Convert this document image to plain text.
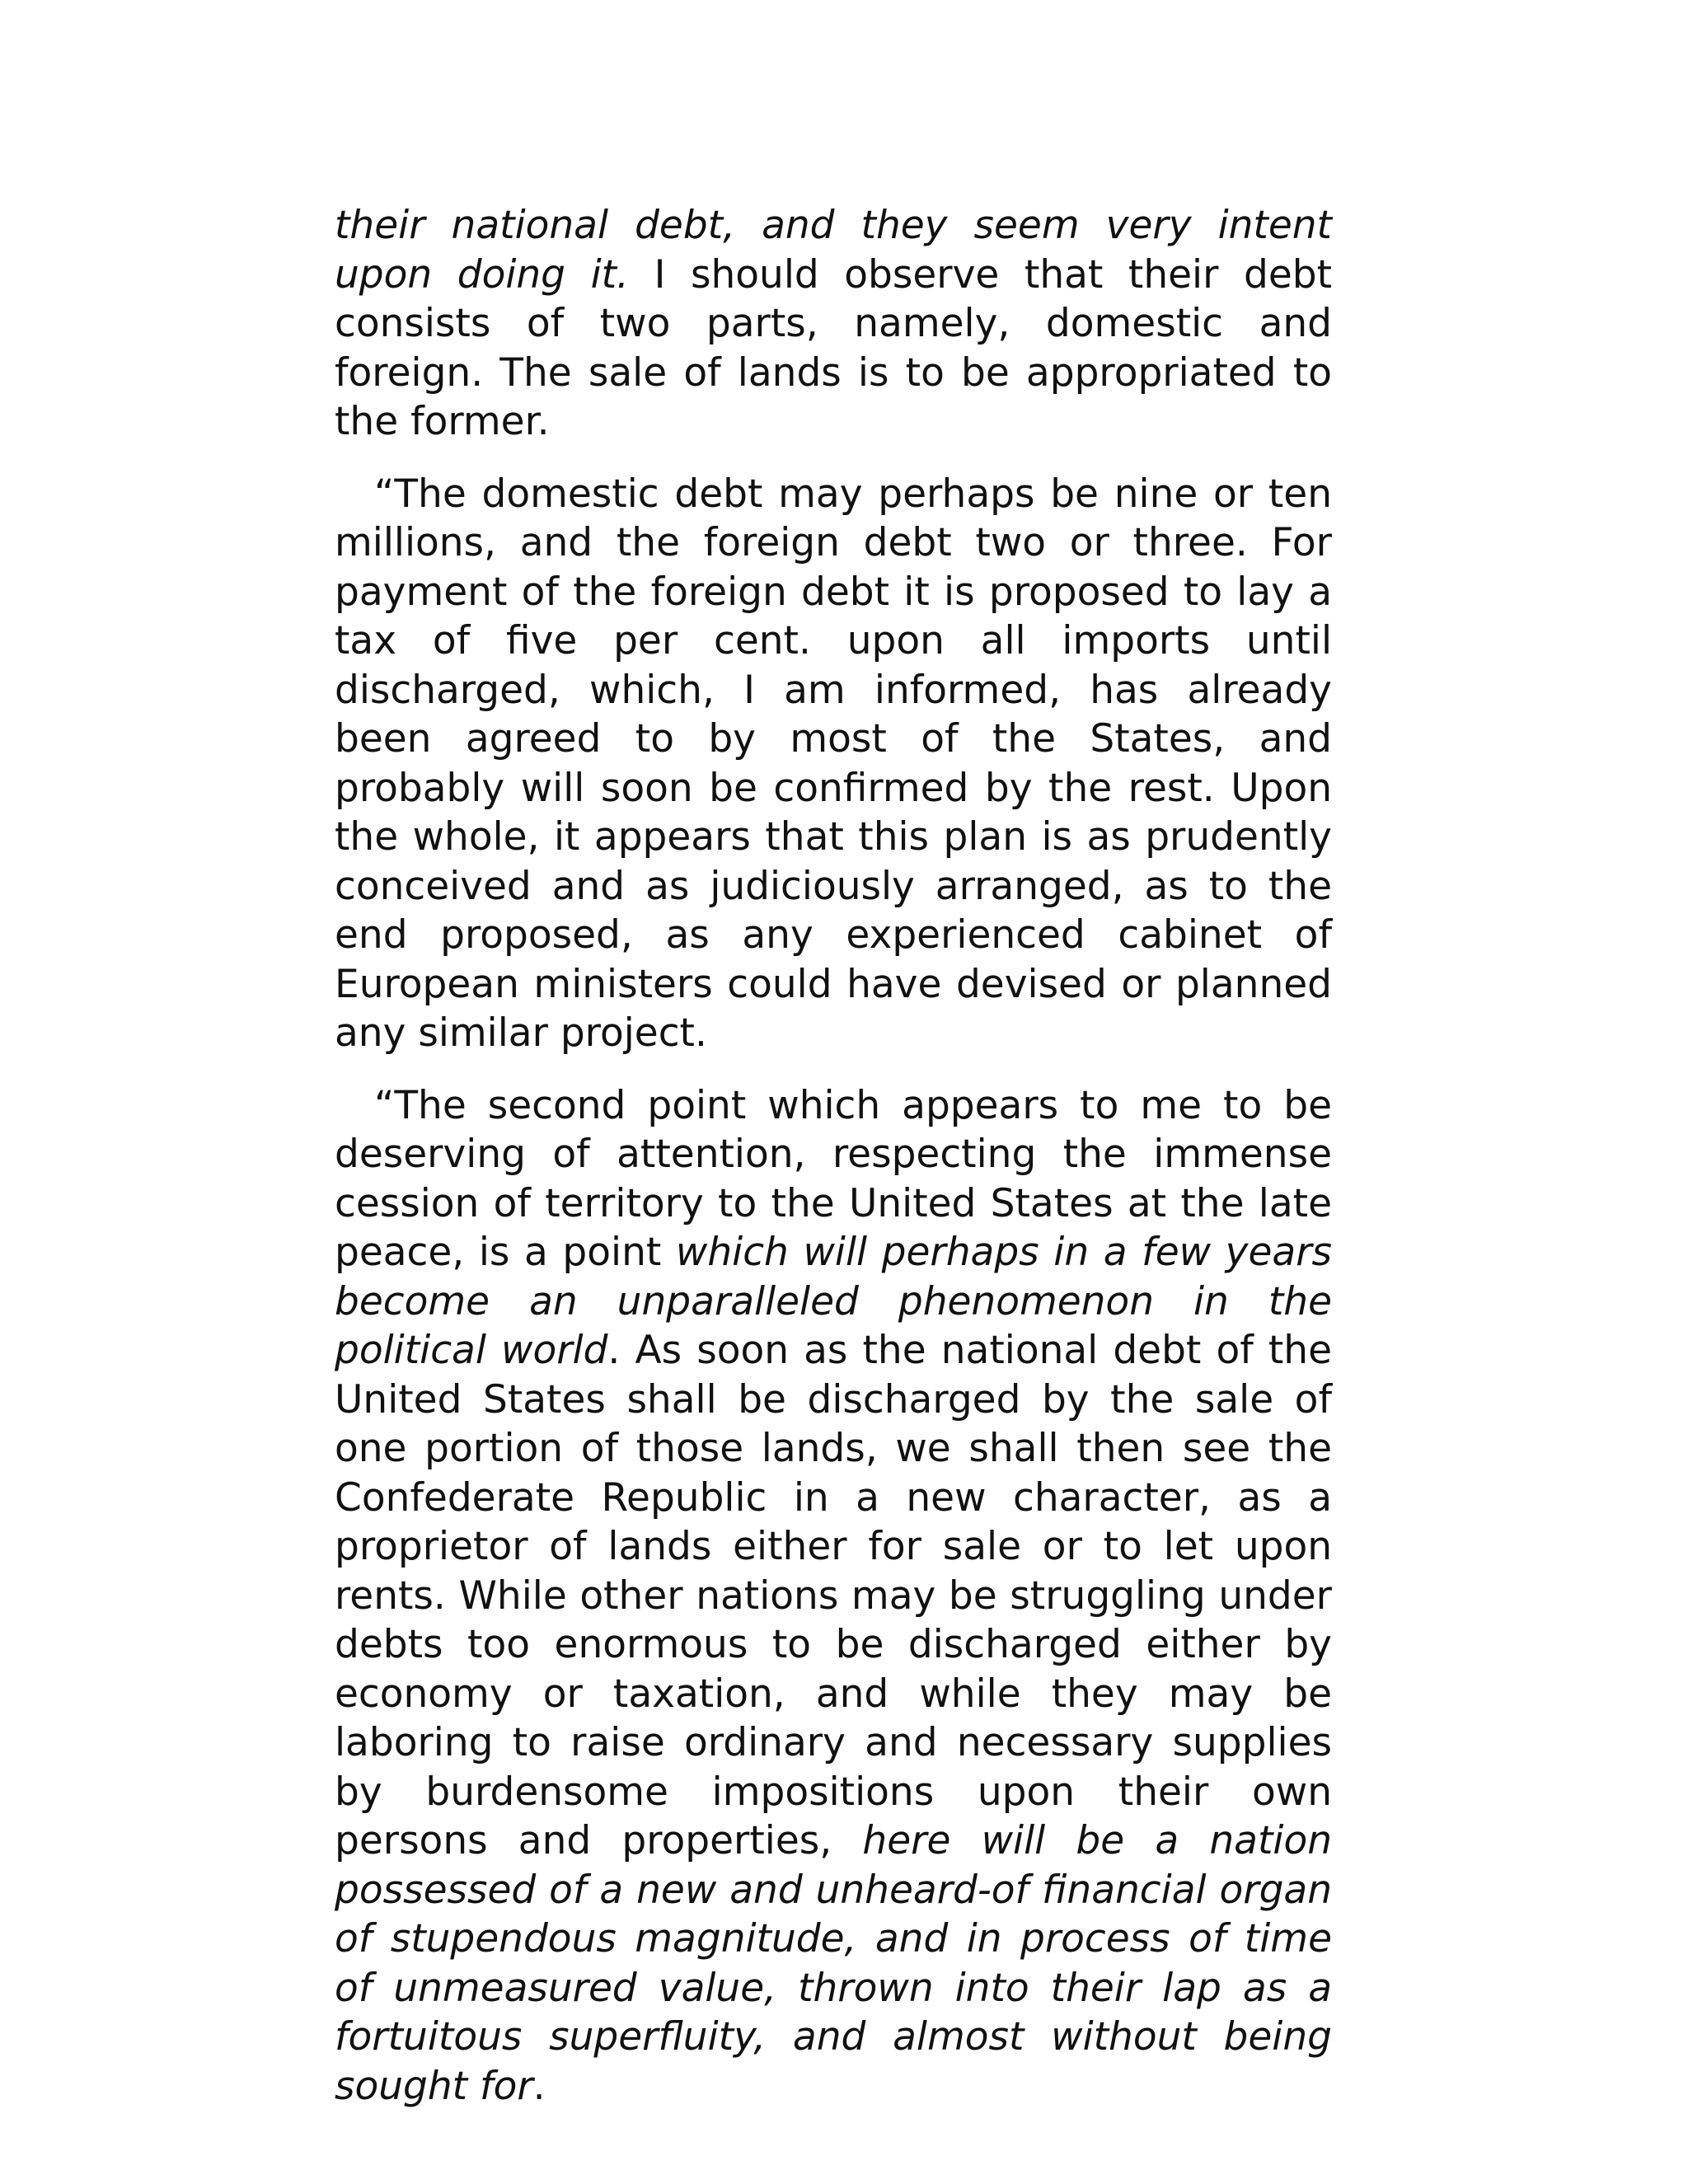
their national debt, and they seem very intent upon doing it. I should observe that their debt consists of two parts, namely, domestic and foreign. The sale of lands is to be appropriated to the former.

“The domestic debt may perhaps be nine or ten millions, and the foreign debt two or three. For payment of the foreign debt it is proposed to lay a tax of five per cent. upon all imports until discharged, which, I am informed, has already been agreed to by most of the States, and probably will soon be confirmed by the rest. Upon the whole, it appears that this plan is as prudently conceived and as judiciously arranged, as to the end proposed, as any experienced cabinet of European ministers could have devised or planned any similar project.

“The second point which appears to me to be deserving of attention, respecting the immense cession of territory to the United States at the late peace, is a point which will perhaps in a few years become an unparalleled phenomenon in the political world. As soon as the national debt of the United States shall be discharged by the sale of one portion of those lands, we shall then see the Confederate Republic in a new character, as a proprietor of lands either for sale or to let upon rents. While other nations may be struggling under debts too enormous to be discharged either by economy or taxation, and while they may be laboring to raise ordinary and necessary supplies by burdensome impositions upon their own persons and properties, here will be a nation possessed of a new and unheard-of financial organ of stupendous magnitude, and in process of time of unmeasured value, thrown into their lap as a fortuitous superfluity, and almost without being sought for.
